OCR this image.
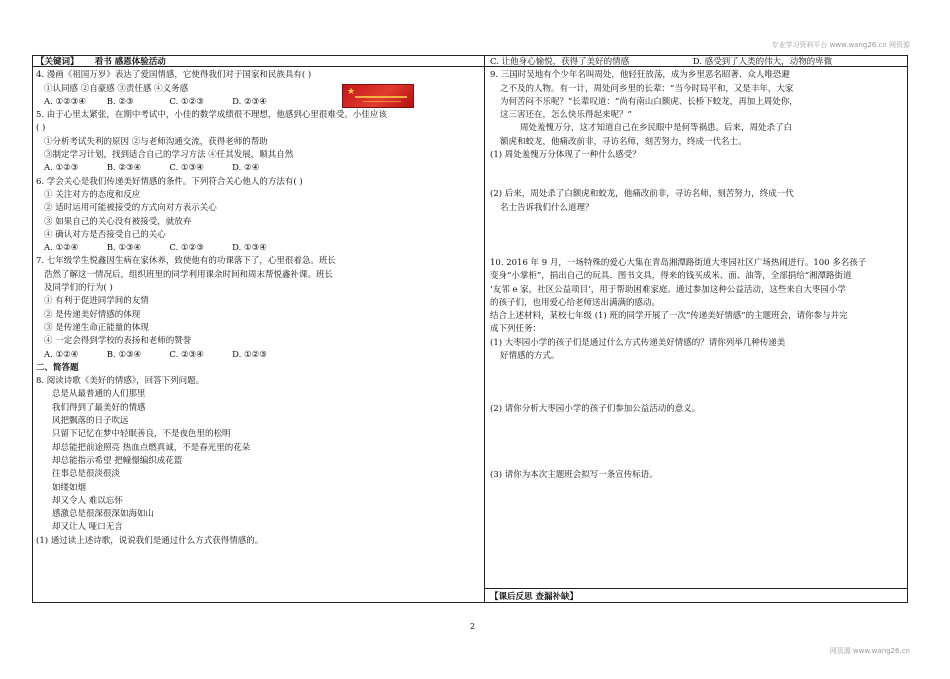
专业学习资料平台 www.wang26.cn 网资源
★
【关键词】 看书 感恩体验活动
4. 漫画《祖国万岁》表达了爱国情感，它使得我们对于国家和民族具有( )
①认同感 ②自豪感 ③责任感 ④义务感
A. ①②③④ B. ②③	C. ①②③	D. ②③④
5. 由于心里太紧张，在期中考试中，小佳的数学成绩很不理想，他感到心里很难受。小佳应该
( )
①分析考试失利的原因 ②与老师沟通交流，获得老师的帮助
③制定学习计划，找到适合自己的学习方法 ④任其发展，顺其自然
A. ①②③	B. ②③④	C. ①③④	D. ②④
6. 学会关心是我们传递美好情感的条件。下列符合关心他人的方法有( )
① 关注对方的态度和反应
② 适时运用可能被接受的方式向对方表示关心
③ 如果自己的关心没有被接受，就放弃
④ 确认对方是否接受自己的关心
A. ①②④	B. ①③④	C. ①②③	D. ①③④
7. 七年级学生悦鑫因生病在家休养，致使他有的功课落下了，心里很着急。班长
浩然了解这一情况后，组织班里的同学利用课余时间和周末帮悦鑫补课。班长
及同学们的行为( )
① 有利于促进同学间的友情
② 是传递美好情感的体现
③ 是传递生命正能量的体现
④ 一定会得到学校的表扬和老师的赞誉
A. ①②④	B. ①③④	C. ②③④	D. ①②③
二、简答题
8. 阅读诗歌《美好的情感》，回答下列问题。
总是从最普通的人们那里
我们得到了最美好的情感
风把飘落的日子吹远
只留下记忆在梦中轻眠善良，不是夜色里的松明
却总能把前途照亮 热血点燃真诚，不是春光里的花朵
却总能指示希望 把幢憬编织成花篮
往事总是很淡很淡
如缕如烟
却又令人 难以忘怀
感激总是很深很深如海如山
却又让人 哑口无言
(1) 通过读上述诗歌，说说我们是通过什么方式获得情感的。
C. 让他身心愉悦，获得了美好的情感	D. 感受到了人类的伟大，动物的卑微
9. 三国时吴地有个少年名叫周处，他轻狂放荡，成为乡里恶名昭著、众人唯恐避
之不及的人物。有一计，周处问乡里的长辈：“当今时局平和，又是丰年，大家
为何苦闷不乐呢？”长辈叹道：“尚有南山白额虎、长桥下蛟龙，再加上周处你，
这三害还在，怎么快乐得起来呢？”
周处羞愧万分，这才知道自己在乡民眼中是何等祸患。后来，周处杀了白
额虎和蛟龙，他痛改前非，寻访名师，刻苦努力，终成一代名士。
(1) 周处羞愧万分体现了一种什么感受？
(2) 后来，周处杀了白额虎和蛟龙，他痛改前非，寻访名师，刻苦努力，终成一代
名士告诉我们什么道理？
10. 2016 年 9 月，一场特殊的爱心大集在青岛湘潭路街道大枣园社区广场热闹进行。100 多名孩子
变身“小掌柜”，捐出自己的玩具、图书文具，得来的钱买成米、面、油等，全部捐给“湘潭路街道
‘友邻 e 家，社区公益项目’，用于帮助困难家庭。通过参加这种公益活动，这些来自大枣园小学
的孩子们，也用爱心给老师送出满满的感动。
结合上述材料，某校七年级 (1) 班的同学开展了一次“传递美好情感”的主题班会，请你参与并完
成下列任务：
(1) 大枣园小学的孩子们是通过什么方式传递美好情感的？请你列举几种传递美
好情感的方式。
(2) 请你分析大枣园小学的孩子们参加公益活动的意义。
(3) 请你为本次主题班会拟写一条宣传标语。
【课后反思 查漏补缺】
2
网资源 www.wang26.cn
